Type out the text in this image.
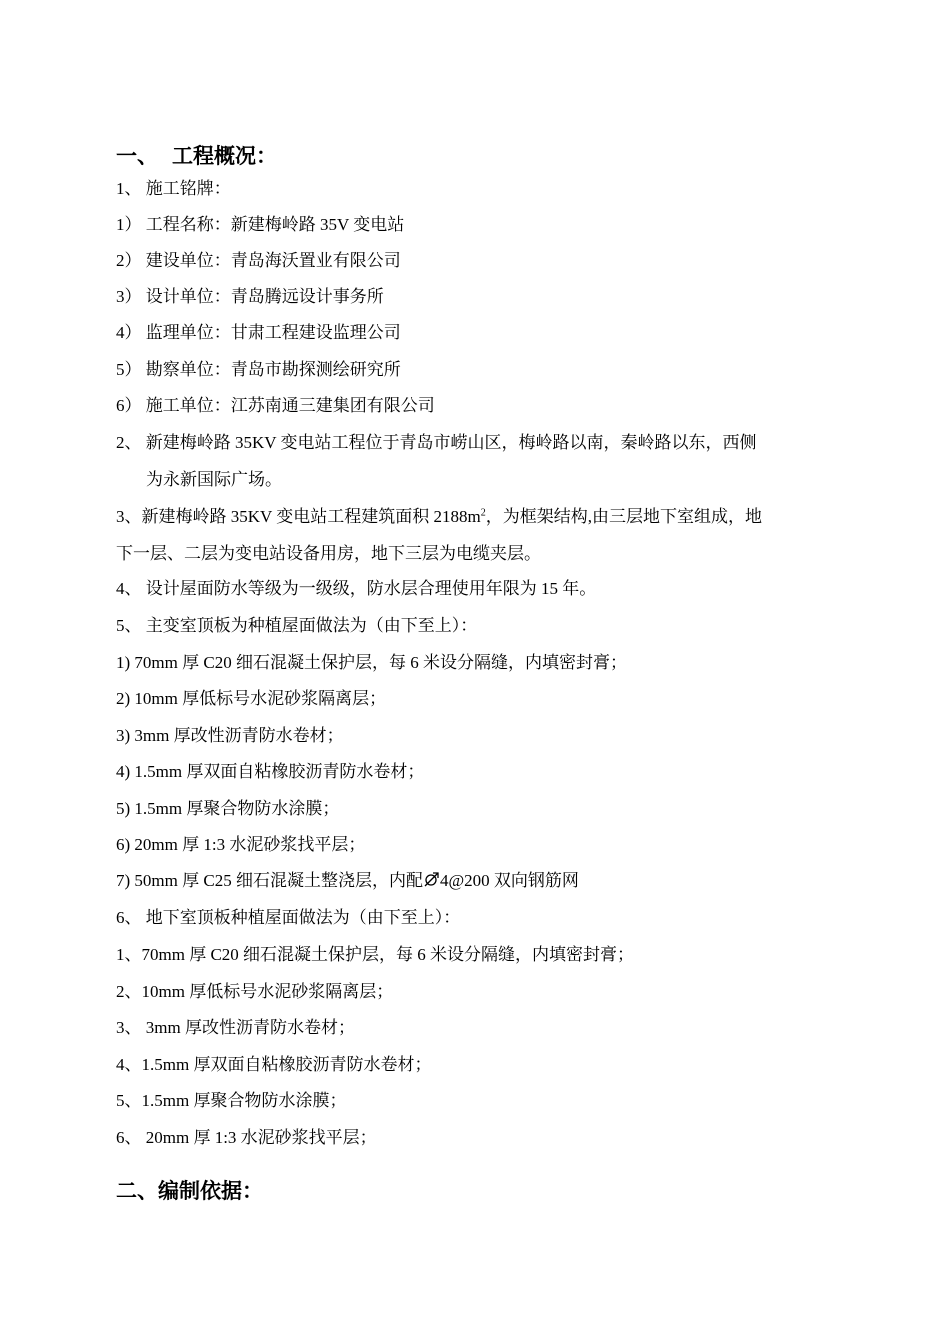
一、 工程概况：
1、 施工铭牌：
1） 工程名称：新建梅岭路 35V 变电站
2） 建设单位：青岛海沃置业有限公司
3） 设计单位：青岛腾远设计事务所
4） 监理单位：甘肃工程建设监理公司
5） 勘察单位：青岛市勘探测绘研究所
6） 施工单位：江苏南通三建集团有限公司
2、 新建梅岭路 35KV 变电站工程位于青岛市崂山区，梅岭路以南，秦岭路以东，西侧
为永新国际广场。
3、新建梅岭路 35KV 变电站工程建筑面积 $2188m^2$，为框架结构,由三层地下室组成，地
下一层、二层为变电站设备用房，地下三层为电缆夹层。
4、 设计屋面防水等级为一级级，防水层合理使用年限为 15 年。
5、 主变室顶板为种植屋面做法为（由下至上）：
1) 70mm 厚 C20 细石混凝土保护层，每 6 米设分隔缝，内填密封膏；
2) 10mm 厚低标号水泥砂浆隔离层；
3) 3mm 厚改性沥青防水卷材；
4) 1.5mm 厚双面自粘橡胶沥青防水卷材；
5) 1.5mm 厚聚合物防水涂膜；
6) 20mm 厚 1:3 水泥砂浆找平层；
7) 50mm 厚 C25 细石混凝土整浇层，内配 4@200 双向钢筋网
6、 地下室顶板种植屋面做法为（由下至上）：
1、70mm 厚 C20 细石混凝土保护层，每 6 米设分隔缝，内填密封膏；
2、10mm 厚低标号水泥砂浆隔离层；
3、 3mm 厚改性沥青防水卷材；
4、1.5mm 厚双面自粘橡胶沥青防水卷材；
5、1.5mm 厚聚合物防水涂膜；
6、 20mm 厚 1:3 水泥砂浆找平层；
二、编制依据：
